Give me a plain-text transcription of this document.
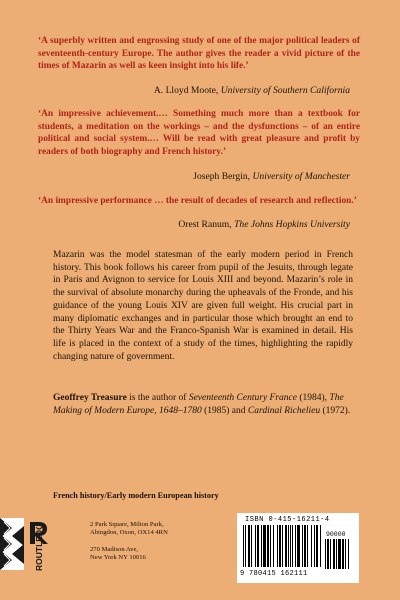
‘A superbly written and engrossing study of one of the major political leaders of seventeenth-century Europe. The author gives the reader a vivid picture of the times of Mazarin as well as keen insight into his life.’

A. Lloyd Moote, University of Southern California

‘An impressive achievement.… Something much more than a textbook for students, a meditation on the workings – and the dysfunctions – of an entire political and social system.… Will be read with great pleasure and profit by readers of both biography and French history.’

Joseph Bergin, University of Manchester

‘An impressive performance … the result of decades of research and reflection.’

Orest Ranum, The Johns Hopkins University

Mazarin was the model statesman of the early modern period in French history. This book follows his career from pupil of the Jesuits, through legate in Paris and Avignon to service for Louis XIII and beyond. Mazarin’s role in the survival of absolute monarchy during the upheavals of the Fronde, and his guidance of the young Louis XIV are given full weight. His crucial part in many diplomatic exchanges and in particular those which brought an end to the Thirty Years War and the Franco-Spanish War is examined in detail. His life is placed in the context of a study of the times, highlighting the rapidly changing nature of government.

Geoffrey Treasure is the author of Seventeenth Century France (1984), The Making of Modern Europe, 1648–1780 (1985) and Cardinal Richelieu (1972).

French history/Early modern European history

ROUTLEDGE	2 Park Square, Milton Park,
Abingdon, Oxon, OX14 4RN

270 Madison Ave,
New York NY 10016

ISBN 0-415-16211-4
90000
9 780415 162111
